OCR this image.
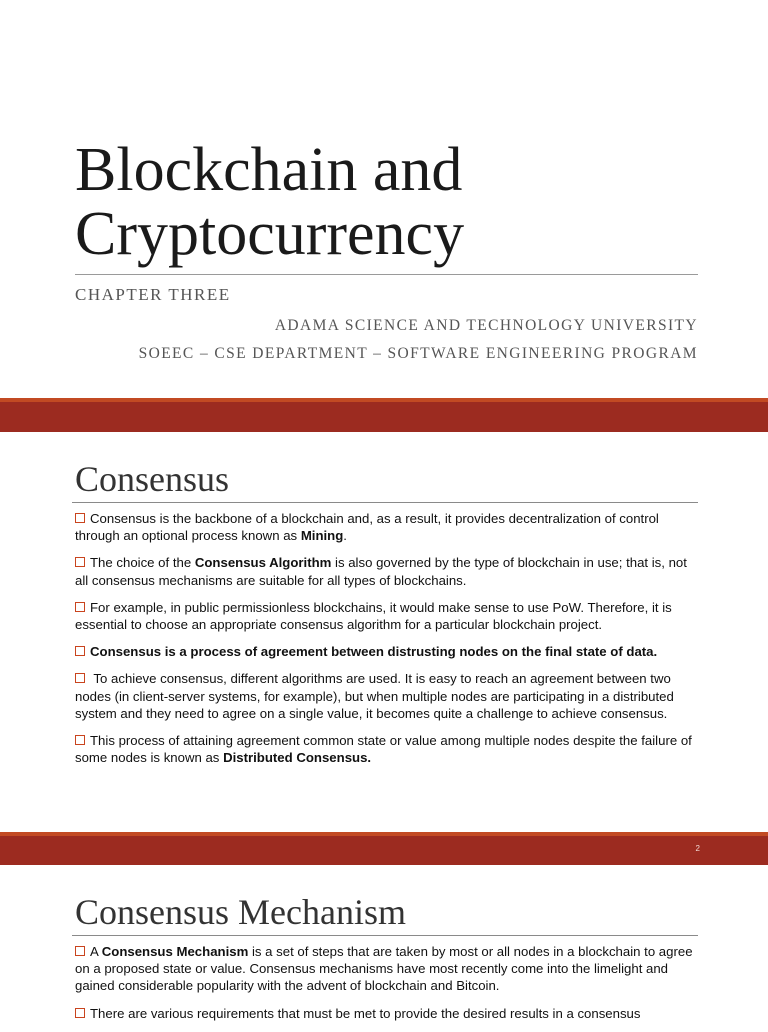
Blockchain and
Cryptocurrency
CHAPTER THREE
ADAMA SCIENCE AND TECHNOLOGY UNIVERSITY
SOEEC – CSE DEPARTMENT – SOFTWARE ENGINEERING PROGRAM
Consensus
Consensus is the backbone of a blockchain and, as a result, it provides decentralization of control through an optional process known as Mining.
The choice of the Consensus Algorithm is also governed by the type of blockchain in use; that is, not all consensus mechanisms are suitable for all types of blockchains.
For example, in public permissionless blockchains, it would make sense to use PoW. Therefore, it is essential to choose an appropriate consensus algorithm for a particular blockchain project.
Consensus is a process of agreement between distrusting nodes on the final state of data.
To achieve consensus, different algorithms are used. It is easy to reach an agreement between two nodes (in client-server systems, for example), but when multiple nodes are participating in a distributed system and they need to agree on a single value, it becomes quite a challenge to achieve consensus.
This process of attaining agreement common state or value among multiple nodes despite the failure of some nodes is known as Distributed Consensus.
2
Consensus Mechanism
A Consensus Mechanism is a set of steps that are taken by most or all nodes in a blockchain to agree on a proposed state or value. Consensus mechanisms have most recently come into the limelight and gained considerable popularity with the advent of blockchain and Bitcoin.
There are various requirements that must be met to provide the desired results in a consensus
